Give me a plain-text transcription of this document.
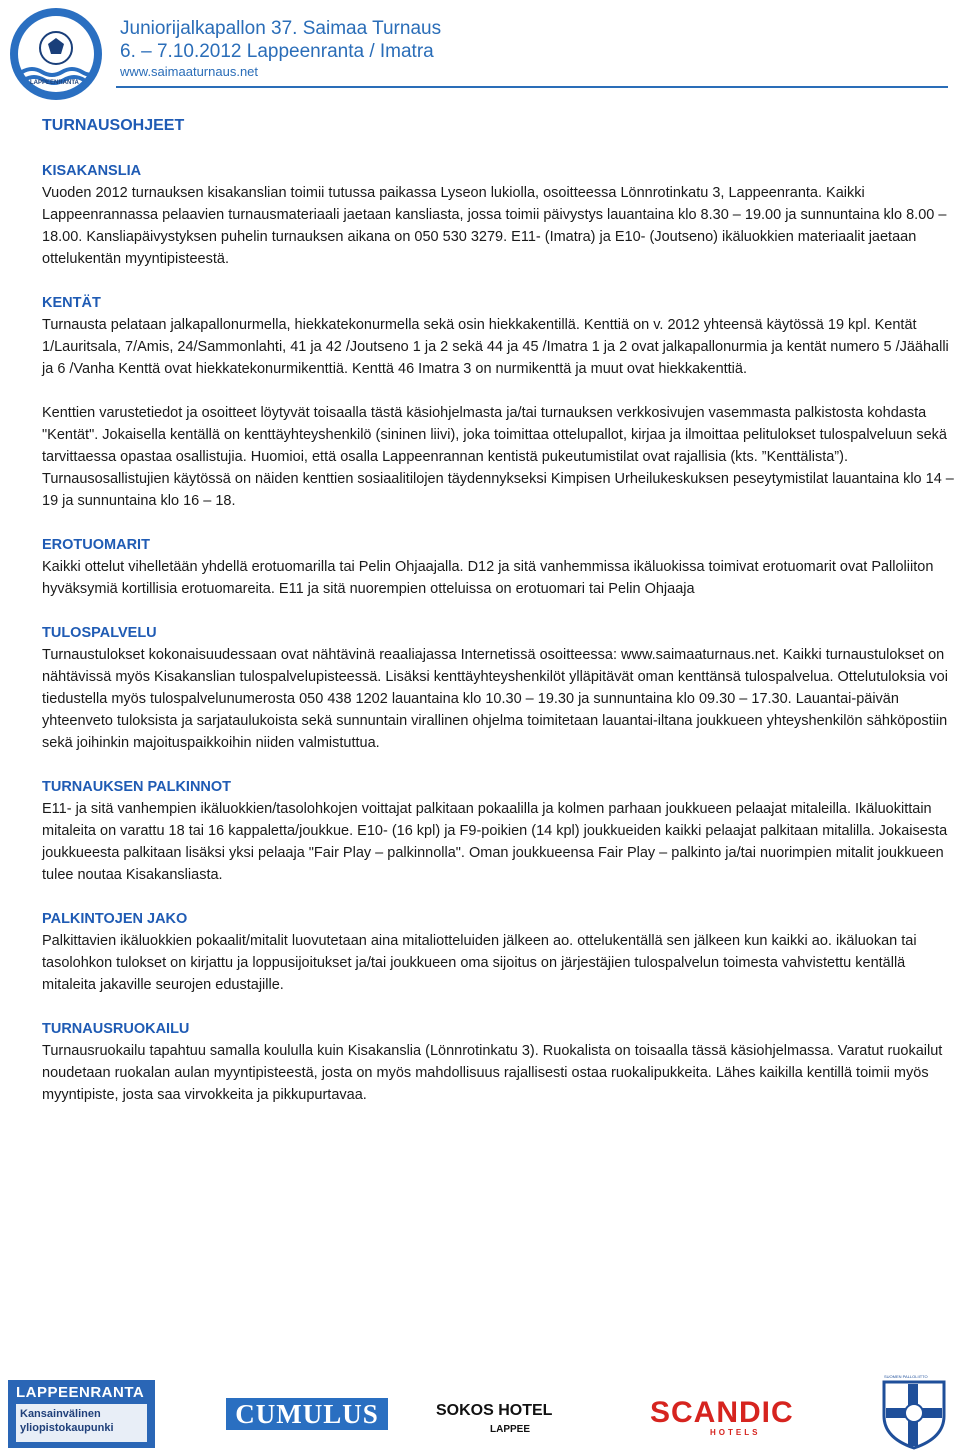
LAPPEENRANTA
Juniorijalkapallon 37. Saimaa Turnaus
6. – 7.10.2012 Lappeenranta / Imatra
www.saimaaturnaus.net
TURNAUSOHJEET
KISAKANSLIA

Vuoden 2012 turnauksen kisakanslian toimii tutussa paikassa Lyseon lukiolla, osoitteessa Lönnrotinkatu 3, Lappeenranta. Kaikki Lappeenrannassa pelaavien turnausmateriaali jaetaan kansliasta, jossa toimii päivystys lauantaina klo 8.30 – 19.00 ja sunnuntaina klo 8.00 – 18.00. Kansliapäivystyksen puhelin turnauksen aikana on 050 530 3279. E11- (Imatra) ja E10- (Joutseno) ikäluokkien materiaalit jaetaan ottelukentän myyntipisteestä.

KENTÄT

Turnausta pelataan jalkapallonurmella, hiekkatekonurmella sekä osin hiekkakentillä. Kenttiä on v. 2012 yhteensä käytössä 19 kpl. Kentät 1/Lauritsala, 7/Amis, 24/Sammonlahti, 41 ja 42 /Joutseno 1 ja 2 sekä 44 ja 45 /Imatra 1 ja 2 ovat jalkapallonurmia ja kentät numero 5 /Jäähalli ja 6 /Vanha Kenttä ovat hiekkatekonurmikenttiä. Kenttä 46 Imatra 3 on nurmikenttä ja muut ovat hiekkakenttiä.

Kenttien varustetiedot ja osoitteet löytyvät toisaalla tästä käsiohjelmasta ja/tai turnauksen verkkosivujen vasemmasta palkistosta kohdasta "Kentät". Jokaisella kentällä on kenttäyhteyshenkilö (sininen liivi), joka toimittaa ottelupallot, kirjaa ja ilmoittaa pelitulokset tulospalveluun sekä tarvittaessa opastaa osallistujia. Huomioi, että osalla Lappeenrannan kentistä pukeutumistilat ovat rajallisia (kts. ”Kenttälista”). Turnausosallistujien käytössä on näiden kenttien sosiaalitilojen täydennykseksi Kimpisen Urheilukeskuksen peseytymistilat lauantaina klo 14 – 19 ja sunnuntaina klo 16 – 18.

EROTUOMARIT

Kaikki ottelut vihelletään yhdellä erotuomarilla tai Pelin Ohjaajalla. D12 ja sitä vanhemmissa ikäluokissa toimivat erotuomarit ovat Palloliiton hyväksymiä kortillisia erotuomareita. E11 ja sitä nuorempien otteluissa on erotuomari tai Pelin Ohjaaja

TULOSPALVELU

Turnaustulokset kokonaisuudessaan ovat nähtävinä reaaliajassa Internetissä osoitteessa: www.saimaaturnaus.net. Kaikki turnaustulokset on nähtävissä myös Kisakanslian tulospalvelupisteessä. Lisäksi kenttäyhteyshenkilöt ylläpitävät oman kenttänsä tulospalvelua. Ottelutuloksia voi tiedustella myös tulospalvelunumerosta 050 438 1202 lauantaina klo 10.30 – 19.30 ja sunnuntaina klo 09.30 – 17.30. Lauantai-päivän yhteenveto tuloksista ja sarjataulukoista sekä sunnuntain virallinen ohjelma toimitetaan lauantai-iltana joukkueen yhteyshenkilön sähköpostiin sekä joihinkin majoituspaikkoihin niiden valmistuttua.

TURNAUKSEN PALKINNOT

E11- ja sitä vanhempien ikäluokkien/tasolohkojen voittajat palkitaan pokaalilla ja kolmen parhaan joukkueen pelaajat mitaleilla. Ikäluokittain mitaleita on varattu 18 tai 16 kappaletta/joukkue. E10- (16 kpl) ja F9-poikien (14 kpl) joukkueiden kaikki pelaajat palkitaan mitalilla. Jokaisesta joukkueesta palkitaan lisäksi yksi pelaaja "Fair Play – palkinnolla". Oman joukkueensa Fair Play – palkinto ja/tai nuorimpien mitalit joukkueen tulee noutaa Kisakansliasta.

PALKINTOJEN JAKO

Palkittavien ikäluokkien pokaalit/mitalit luovutetaan aina mitaliotteluiden jälkeen ao. ottelukentällä sen jälkeen kun kaikki ao. ikäluokan tai tasolohkon tulokset on kirjattu ja loppusijoitukset ja/tai joukkueen oma sijoitus on järjestäjien tulospalvelun toimesta vahvistettu kentällä mitaleita jakaville seurojen edustajille.

TURNAUSRUOKAILU

Turnausruokailu tapahtuu samalla koululla kuin Kisakanslia (Lönnrotinkatu 3). Ruokalista on toisaalla tässä käsiohjelmassa. Varatut ruokailut noudetaan ruokalan aulan myyntipisteestä, josta on myös mahdollisuus rajallisesti ostaa ruokalipukkeita. Lähes kaikilla kentillä toimii myös myyntipiste, josta saa virvokkeita ja pikkupurtavaa.

LAPPEENRANTA
Kansainvälinen yliopistokaupunki	CUMULUS	SOKOS HOTEL
LAPPEE
SCANDIC
HOTELS
SUOMEN PALLOLIITTO
